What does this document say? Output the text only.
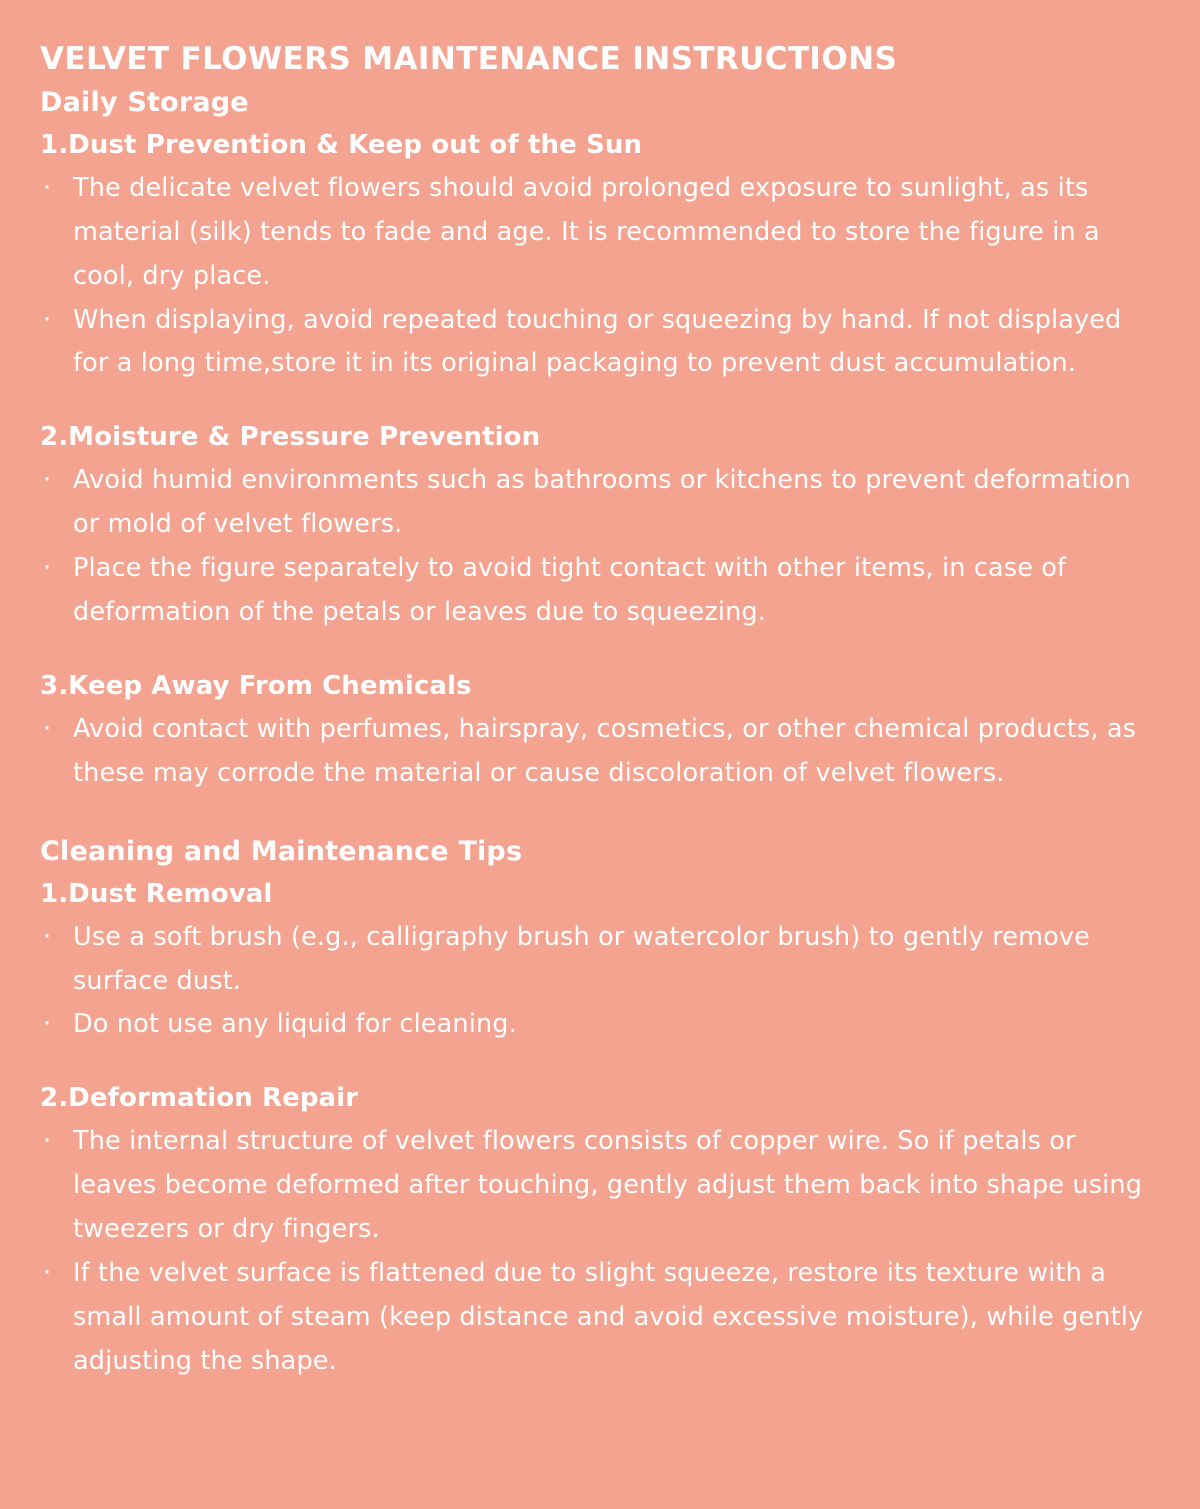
VELVET FLOWERS MAINTENANCE INSTRUCTIONS
Daily Storage
1.Dust Prevention & Keep out of the Sun
· The delicate velvet flowers should avoid prolonged exposure to sunlight, as its material (silk) tends to fade and age. It is recommended to store the figure in a cool, dry place.
· When displaying, avoid repeated touching or squeezing by hand. If not displayed for a long time,store it in its original packaging to prevent dust accumulation.
2.Moisture & Pressure Prevention
· Avoid humid environments such as bathrooms or kitchens to prevent deformation or mold of velvet flowers.
· Place the figure separately to avoid tight contact with other items, in case of deformation of the petals or leaves due to squeezing.
3.Keep Away From Chemicals
· Avoid contact with perfumes, hairspray, cosmetics, or other chemical products, as these may corrode the material or cause discoloration of velvet flowers.
Cleaning and Maintenance Tips
1.Dust Removal
· Use a soft brush (e.g., calligraphy brush or watercolor brush) to gently remove surface dust.
· Do not use any liquid for cleaning.
2.Deformation Repair
· The internal structure of velvet flowers consists of copper wire. So if petals or leaves become deformed after touching, gently adjust them back into shape using tweezers or dry fingers.
· If the velvet surface is flattened due to slight squeeze, restore its texture with a small amount of steam (keep distance and avoid excessive moisture), while gently adjusting the shape.
